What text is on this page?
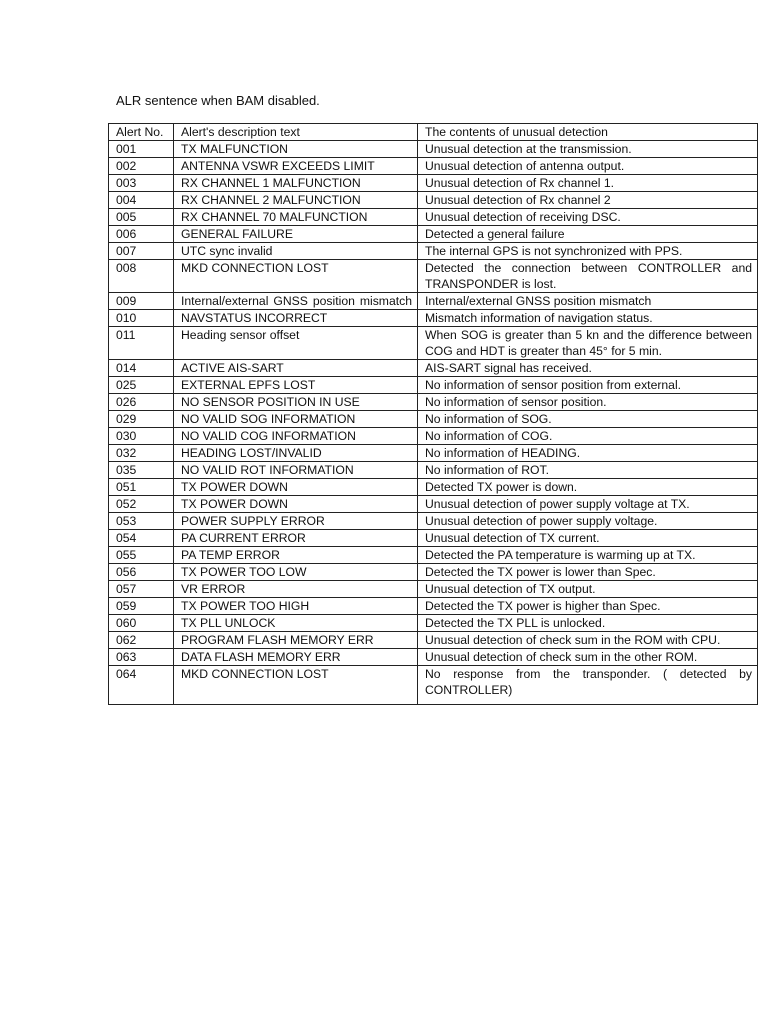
ALR sentence when BAM disabled.
Alert No.	Alert's description text	The contents of unusual detection
001	TX MALFUNCTION	Unusual detection at the transmission.
002	ANTENNA VSWR EXCEEDS LIMIT	Unusual detection of antenna output.
003	RX CHANNEL 1 MALFUNCTION	Unusual detection of Rx channel 1.
004	RX CHANNEL 2 MALFUNCTION	Unusual detection of Rx channel 2
005	RX CHANNEL 70 MALFUNCTION	Unusual detection of receiving DSC.
006	GENERAL FAILURE	Detected a general failure
007	UTC sync invalid	The internal GPS is not synchronized with PPS.
008	MKD CONNECTION LOST	Detected the connection between CONTROLLER and TRANSPONDER is lost.
009	Internal/external GNSS position mismatch	Internal/external GNSS position mismatch
010	NAVSTATUS INCORRECT	Mismatch information of navigation status.
011	Heading sensor offset	When SOG is greater than 5 kn and the difference between COG and HDT is greater than 45° for 5 min.
014	ACTIVE AIS-SART	AIS-SART signal has received.
025	EXTERNAL EPFS LOST	No information of sensor position from external.
026	NO SENSOR POSITION IN USE	No information of sensor position.
029	NO VALID SOG INFORMATION	No information of SOG.
030	NO VALID COG INFORMATION	No information of COG.
032	HEADING LOST/INVALID	No information of HEADING.
035	NO VALID ROT INFORMATION	No information of ROT.
051	TX POWER DOWN	Detected TX power is down.
052	TX POWER DOWN	Unusual detection of power supply voltage at TX.
053	POWER SUPPLY ERROR	Unusual detection of power supply voltage.
054	PA CURRENT ERROR	Unusual detection of TX current.
055	PA TEMP ERROR	Detected the PA temperature is warming up at TX.
056	TX POWER TOO LOW	Detected the TX power is lower than Spec.
057	VR ERROR	Unusual detection of TX output.
059	TX POWER TOO HIGH	Detected the TX power is higher than Spec.
060	TX PLL UNLOCK	Detected the TX PLL is unlocked.
062	PROGRAM FLASH MEMORY ERR	Unusual detection of check sum in the ROM with CPU.
063	DATA FLASH MEMORY ERR	Unusual detection of check sum in the other ROM.
064	MKD CONNECTION LOST	No response from the transponder. ( detected by CONTROLLER)
